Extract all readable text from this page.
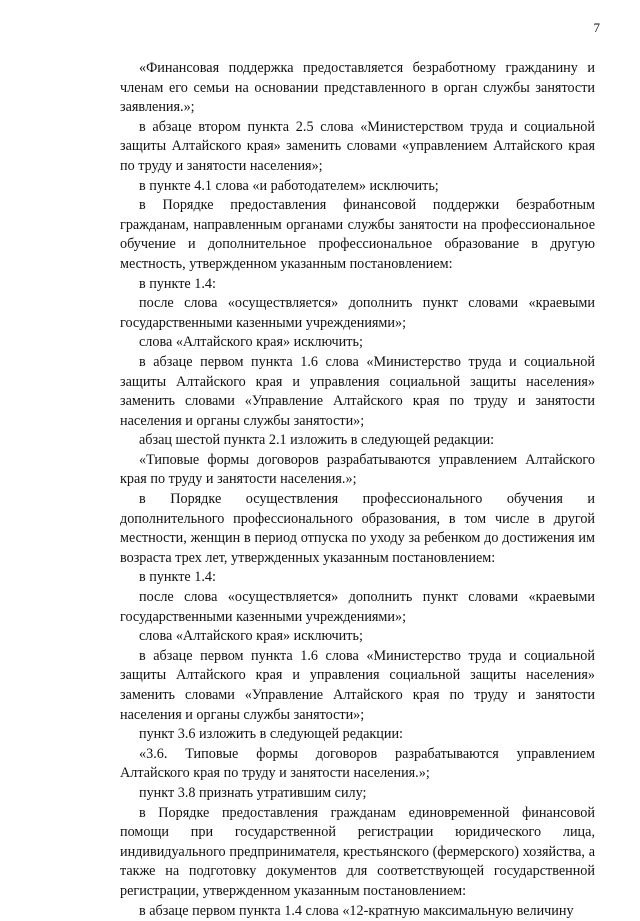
7

«Финансовая поддержка предоставляется безработному гражданину и членам его семьи на основании представленного в орган службы занятости заявления.»;

в абзаце втором пункта 2.5 слова «Министерством труда и социальной защиты Алтайского края» заменить словами «управлением Алтайского края по труду и занятости населения»;

в пункте 4.1 слова «и работодателем» исключить;

в Порядке предоставления финансовой поддержки безработным гражданам, направленным органами службы занятости на профессиональное обучение и дополнительное профессиональное образование в другую местность, утвержденном указанным постановлением:

в пункте 1.4:

после слова «осуществляется» дополнить пункт словами «краевыми государственными казенными учреждениями»;

слова «Алтайского края» исключить;

в абзаце первом пункта 1.6 слова «Министерство труда и социальной защиты Алтайского края и управления социальной защиты населения» заменить словами «Управление Алтайского края по труду и занятости населения и органы службы занятости»;

абзац шестой пункта 2.1 изложить в следующей редакции:

«Типовые формы договоров разрабатываются управлением Алтайского края по труду и занятости населения.»;

в Порядке осуществления профессионального обучения и дополнительного профессионального образования, в том числе в другой местности, женщин в период отпуска по уходу за ребенком до достижения им возраста трех лет, утвержденных указанным постановлением:

в пункте 1.4:

после слова «осуществляется» дополнить пункт словами «краевыми государственными казенными учреждениями»;

слова «Алтайского края» исключить;

в абзаце первом пункта 1.6 слова «Министерство труда и социальной защиты Алтайского края и управления социальной защиты населения» заменить словами «Управление Алтайского края по труду и занятости населения и органы службы занятости»;

пункт 3.6 изложить в следующей редакции:

«3.6. Типовые формы договоров разрабатываются управлением Алтайского края по труду и занятости населения.»;

пункт 3.8 признать утратившим силу;

в Порядке предоставления гражданам единовременной финансовой помощи при государственной регистрации юридического лица, индивидуального предпринимателя, крестьянского (фермерского) хозяйства, а также на подготовку документов для соответствующей государственной регистрации, утвержденном указанным постановлением:

в абзаце первом пункта 1.4 слова «12-кратную максимальную величину
